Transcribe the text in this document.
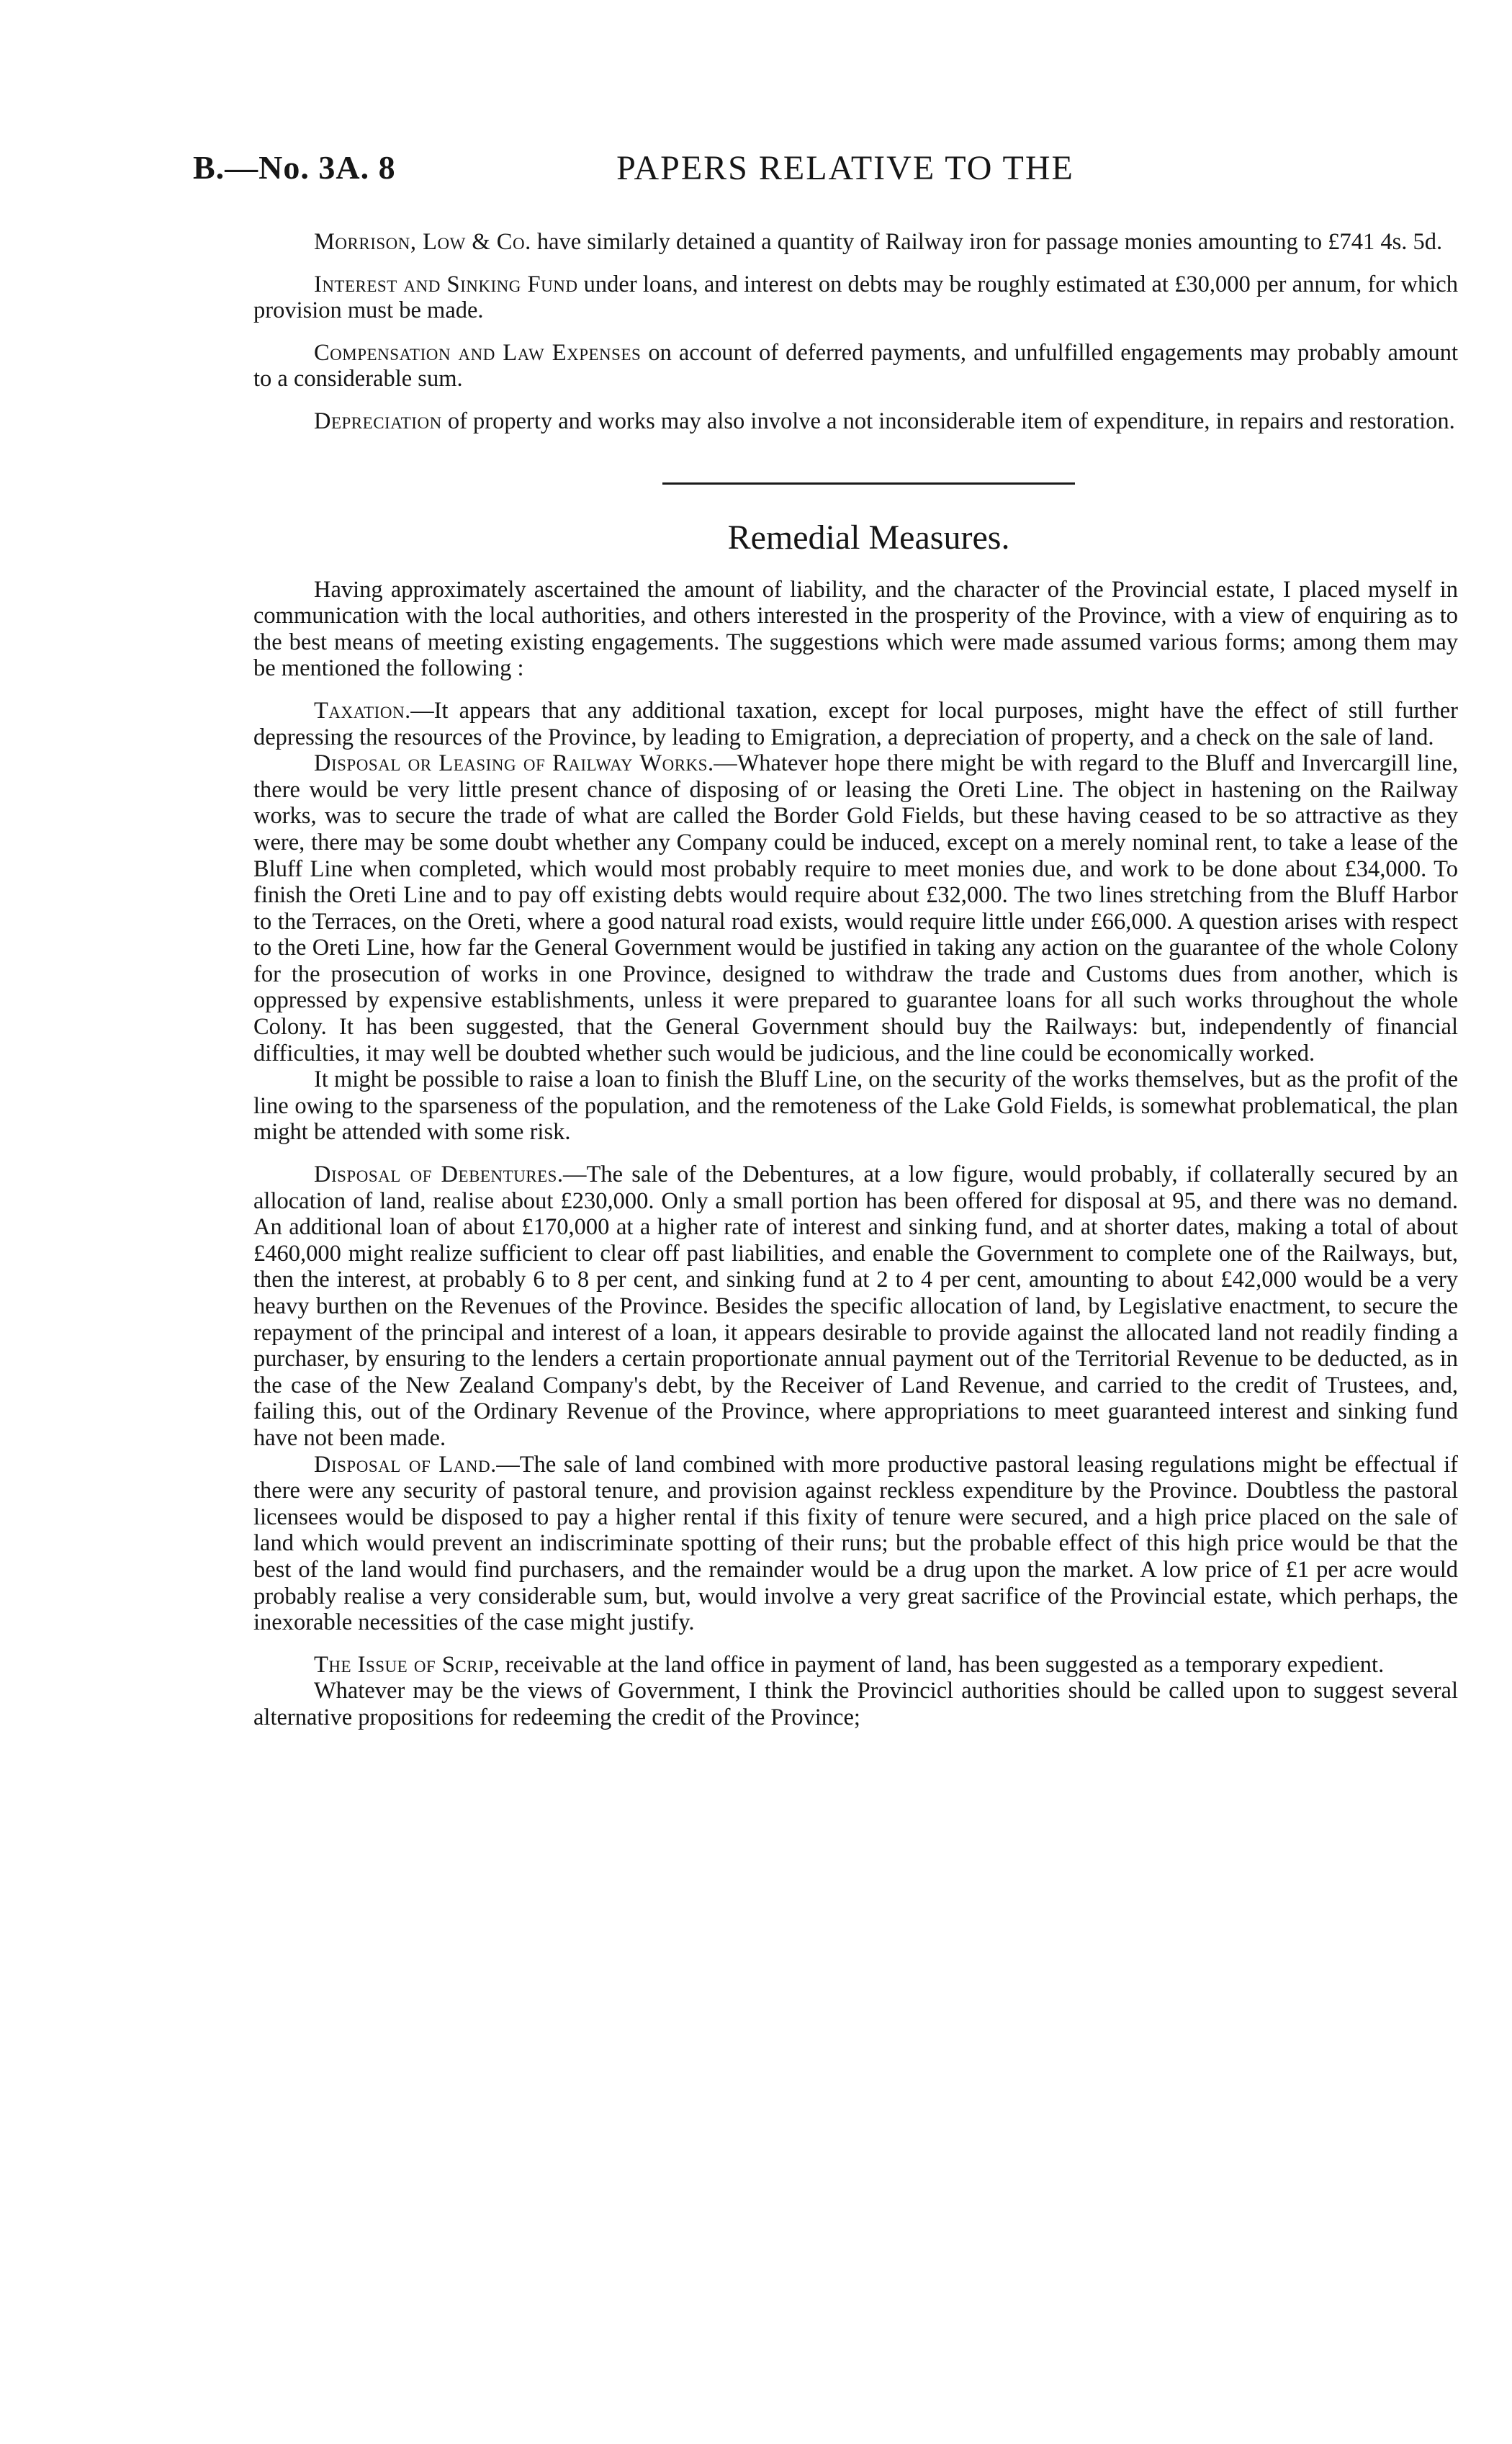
B.—No. 3A. 8	PAPERS RELATIVE TO THE

Morrison, Low & Co. have similarly detained a quantity of Railway iron for passage monies amounting to £741 4s. 5d.

Interest and Sinking Fund under loans, and interest on debts may be roughly estimated at £30,000 per annum, for which provision must be made.

Compensation and Law Expenses on account of deferred payments, and unfulfilled engagements may probably amount to a considerable sum.

Depreciation of property and works may also involve a not inconsiderable item of expenditure, in repairs and restoration.

Remedial Measures.

Having approximately ascertained the amount of liability, and the character of the Provincial estate, I placed myself in communication with the local authorities, and others interested in the prosperity of the Province, with a view of enquiring as to the best means of meeting existing engagements. The suggestions which were made assumed various forms; among them may be mentioned the following :

Taxation.—It appears that any additional taxation, except for local purposes, might have the effect of still further depressing the resources of the Province, by leading to Emigration, a depreciation of property, and a check on the sale of land.

Disposal or Leasing of Railway Works.—Whatever hope there might be with regard to the Bluff and Invercargill line, there would be very little present chance of disposing of or leasing the Oreti Line. The object in hastening on the Railway works, was to secure the trade of what are called the Border Gold Fields, but these having ceased to be so attractive as they were, there may be some doubt whether any Company could be induced, except on a merely nominal rent, to take a lease of the Bluff Line when completed, which would most probably require to meet monies due, and work to be done about £34,000. To finish the Oreti Line and to pay off existing debts would require about £32,000. The two lines stretching from the Bluff Harbor to the Terraces, on the Oreti, where a good natural road exists, would require little under £66,000. A question arises with respect to the Oreti Line, how far the General Government would be justified in taking any action on the guarantee of the whole Colony for the prosecution of works in one Province, designed to withdraw the trade and Customs dues from another, which is oppressed by expensive establishments, unless it were prepared to guarantee loans for all such works throughout the whole Colony. It has been suggested, that the General Government should buy the Railways: but, independently of financial difficulties, it may well be doubted whether such would be judicious, and the line could be economically worked.

It might be possible to raise a loan to finish the Bluff Line, on the security of the works themselves, but as the profit of the line owing to the sparseness of the population, and the remoteness of the Lake Gold Fields, is somewhat problematical, the plan might be attended with some risk.

Disposal of Debentures.—The sale of the Debentures, at a low figure, would probably, if collaterally secured by an allocation of land, realise about £230,000. Only a small portion has been offered for disposal at 95, and there was no demand. An additional loan of about £170,000 at a higher rate of interest and sinking fund, and at shorter dates, making a total of about £460,000 might realize sufficient to clear off past liabilities, and enable the Government to complete one of the Railways, but, then the interest, at probably 6 to 8 per cent, and sinking fund at 2 to 4 per cent, amounting to about £42,000 would be a very heavy burthen on the Revenues of the Province. Besides the specific allocation of land, by Legislative enactment, to secure the repayment of the principal and interest of a loan, it appears desirable to provide against the allocated land not readily finding a purchaser, by ensuring to the lenders a certain proportionate annual payment out of the Territorial Revenue to be deducted, as in the case of the New Zealand Company's debt, by the Receiver of Land Revenue, and carried to the credit of Trustees, and, failing this, out of the Ordinary Revenue of the Province, where appropriations to meet guaranteed interest and sinking fund have not been made.

Disposal of Land.—The sale of land combined with more productive pastoral leasing regulations might be effectual if there were any security of pastoral tenure, and provision against reckless expenditure by the Province. Doubtless the pastoral licensees would be disposed to pay a higher rental if this fixity of tenure were secured, and a high price placed on the sale of land which would prevent an indiscriminate spotting of their runs; but the probable effect of this high price would be that the best of the land would find purchasers, and the remainder would be a drug upon the market. A low price of £1 per acre would probably realise a very considerable sum, but, would involve a very great sacrifice of the Provincial estate, which perhaps, the inexorable necessities of the case might justify.

The Issue of Scrip, receivable at the land office in payment of land, has been suggested as a temporary expedient.

Whatever may be the views of Government, I think the Provincicl authorities should be called upon to suggest several alternative propositions for redeeming the credit of the Province;
